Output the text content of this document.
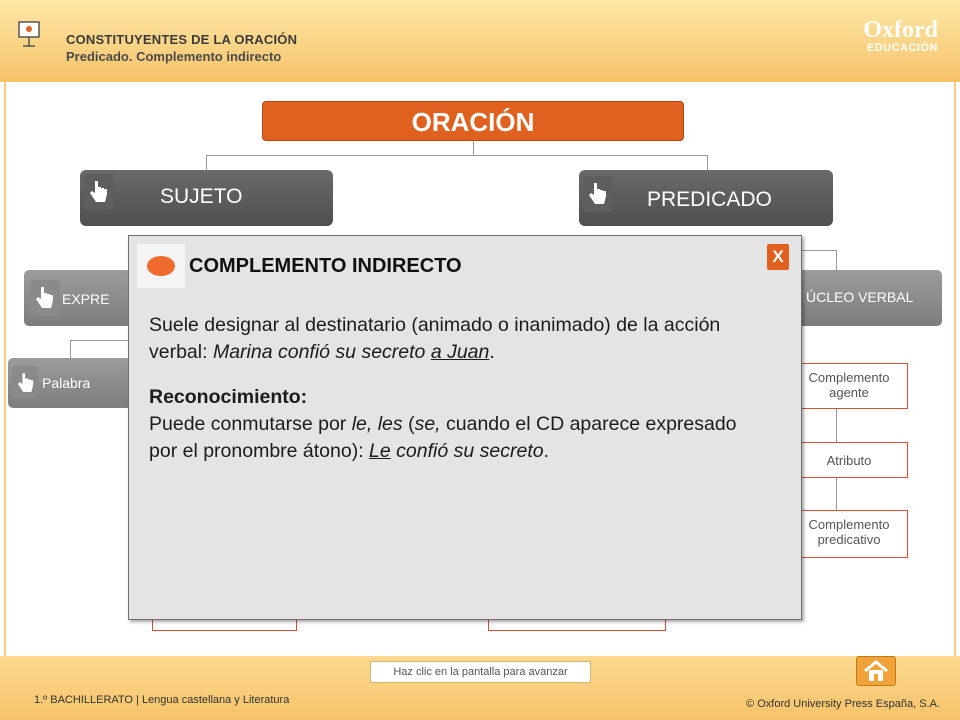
CONSTITUYENTES DE LA ORACIÓN
Predicado. Complemento indirecto
Oxford
EDUCACIÓN
ORACIÓN
SUJETO	PREDICADO
EXPRE
Palabra
ÚCLEO VERBAL
Complemento
agente
Atributo
Complemento
predicativo
COMPLEMENTO INDIRECTO	X

Suele designar al destinatario (animado o inanimado) de la acción verbal: Marina confió su secreto a Juan.

Reconocimiento:
Puede conmutarse por le, les (se, cuando el CD aparece expresado por el pronombre átono): Le confió su secreto.
Haz clic en la pantalla para avanzar
1.º BACHILLERATO | Lengua castellana y Literatura	© Oxford University Press España, S.A.
